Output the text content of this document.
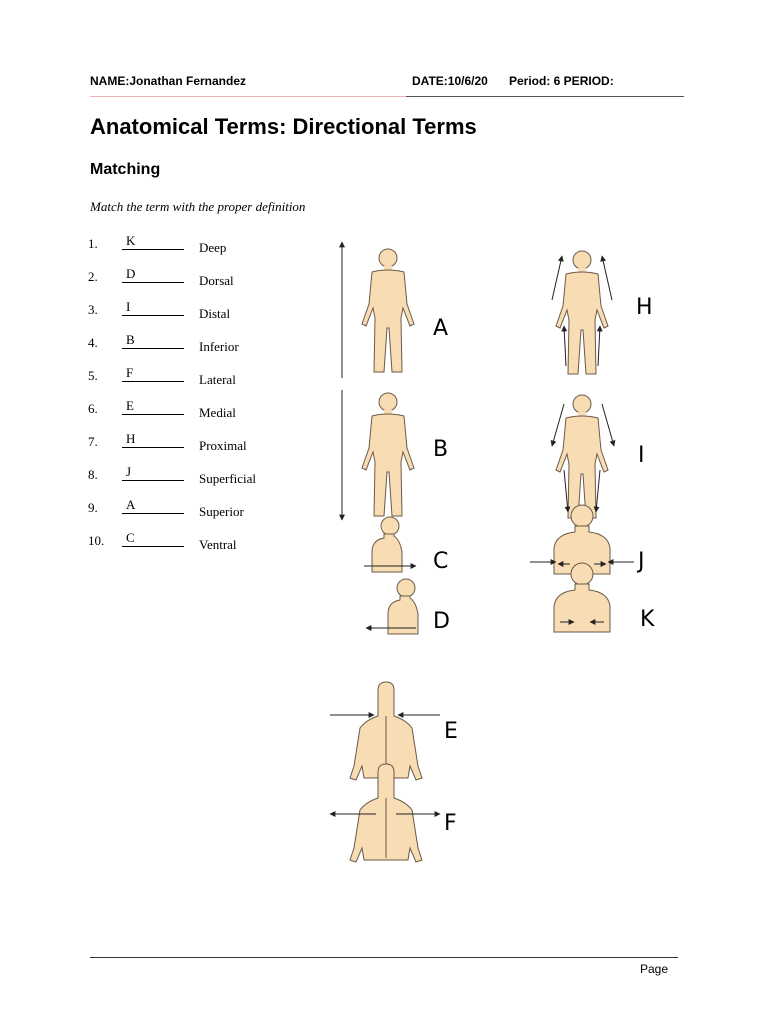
NAME:Jonathan Fernandez	DATE:10/6/20 Period: 6 PERIOD:
Anatomical Terms: Directional Terms
Matching
Match the term with the proper definition
1.	K	Deep
2.	D	Dorsal
3.	I	Distal
4.	B	Inferior
5.	F	Lateral
6.	E	Medial
7.	H	Proximal
8.	J	Superficial
9.	A	Superior
10.	C	Ventral
A
B
C
D
H
I
J
K
E
F
Page
